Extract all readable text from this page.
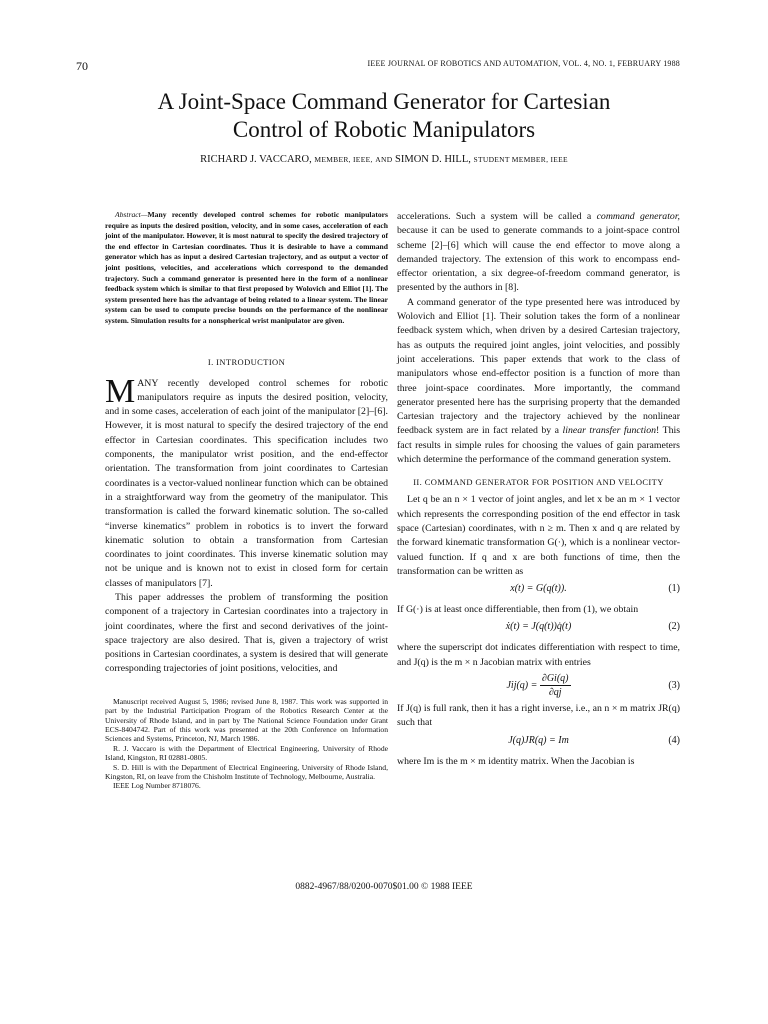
70	IEEE JOURNAL OF ROBOTICS AND AUTOMATION, VOL. 4, NO. 1, FEBRUARY 1988
A Joint-Space Command Generator for Cartesian
Control of Robotic Manipulators
RICHARD J. VACCARO, MEMBER, IEEE, AND SIMON D. HILL, STUDENT MEMBER, IEEE

Abstract—Many recently developed control schemes for robotic manipulators require as inputs the desired position, velocity, and in some cases, acceleration of each joint of the manipulator. However, it is most natural to specify the desired trajectory of the end effector in Cartesian coordinates. Thus it is desirable to have a command generator which has as input a desired Cartesian trajectory, and as output a vector of joint positions, velocities, and accelerations which correspond to the demanded trajectory. Such a command generator is presented here in the form of a nonlinear feedback system which is similar to that first proposed by Wolovich and Elliot [1]. The system presented here has the advantage of being related to a linear system. The linear system can be used to compute precise bounds on the performance of the nonlinear system. Simulation results for a nonspherical wrist manipulator are given.

I. INTRODUCTION

MANY recently developed control schemes for robotic manipulators require as inputs the desired position, velocity, and in some cases, acceleration of each joint of the manipulator [2]–[6]. However, it is most natural to specify the desired trajectory of the end effector in Cartesian coordinates. This specification includes two components, the manipulator wrist position, and the end-effector orientation. The transformation from joint coordinates to Cartesian coordinates is a vector-valued nonlinear function which can be obtained in a straightforward way from the geometry of the manipulator. This transformation is called the forward kinematic solution. The so-called “inverse kinematics” problem in robotics is to invert the forward kinematic solution to obtain a transformation from Cartesian coordinates to joint coordinates. This inverse kinematic solution may not be unique and is known not to exist in closed form for certain classes of manipulators [7].

This paper addresses the problem of transforming the position component of a trajectory in Cartesian coordinates into a trajectory in joint coordinates, where the first and second derivatives of the joint-space trajectory are also desired. That is, given a trajectory of wrist positions in Cartesian coordinates, a system is desired that will generate corresponding trajectories of joint positions, velocities, and

Manuscript received August 5, 1986; revised June 8, 1987. This work was supported in part by the Industrial Participation Program of the Robotics Research Center at the University of Rhode Island, and in part by The National Science Foundation under Grant ECS-8404742. Part of this work was presented at the 20th Conference on Information Sciences and Systems, Princeton, NJ, March 1986.

R. J. Vaccaro is with the Department of Electrical Engineering, University of Rhode Island, Kingston, RI 02881-0805.

S. D. Hill is with the Department of Electrical Engineering, University of Rhode Island, Kingston, RI, on leave from the Chisholm Institute of Technology, Melbourne, Australia.

IEEE Log Number 8718076.

accelerations. Such a system will be called a command generator, because it can be used to generate commands to a joint-space control scheme [2]–[6] which will cause the end effector to move along a demanded trajectory. The extension of this work to encompass end-effector orientation, a six degree-of-freedom command generator, is presented by the authors in [8].

A command generator of the type presented here was introduced by Wolovich and Elliot [1]. Their solution takes the form of a nonlinear feedback system which, when driven by a desired Cartesian trajectory, has as outputs the required joint angles, joint velocities, and possibly joint accelerations. This paper extends that work to the class of manipulators whose end-effector position is a function of more than three joint-space coordinates. More importantly, the command generator presented here has the surprising property that the demanded Cartesian trajectory and the trajectory achieved by the nonlinear feedback system are in fact related by a linear transfer function! This fact results in simple rules for choosing the values of gain parameters which determine the performance of the command generation system.

II. COMMAND GENERATOR FOR POSITION AND VELOCITY

Let q be an n × 1 vector of joint angles, and let x be an m × 1 vector which represents the corresponding position of the end effector in task space (Cartesian) coordinates, with n ≥ m. Then x and q are related by the forward kinematic transformation G(·), which is a nonlinear vector-valued function. If q and x are both functions of time, then the transformation can be written as

x(t) = G(q(t)).	(1)

If G(·) is at least once differentiable, then from (1), we obtain

ẋ(t) = J(q(t))q̇(t)	(2)

where the superscript dot indicates differentiation with respect to time, and J(q) is the m × n Jacobian matrix with entries

$Jij(q) = \frac{\partial Gi(q)}{\partial qj}$	(3)

If J(q) is full rank, then it has a right inverse, i.e., an n × m matrix JR(q) such that

J(q)JR(q) = Im	(4)

where Im is the m × m identity matrix. When the Jacobian is

0882-4967/88/0200-0070$01.00 © 1988 IEEE
